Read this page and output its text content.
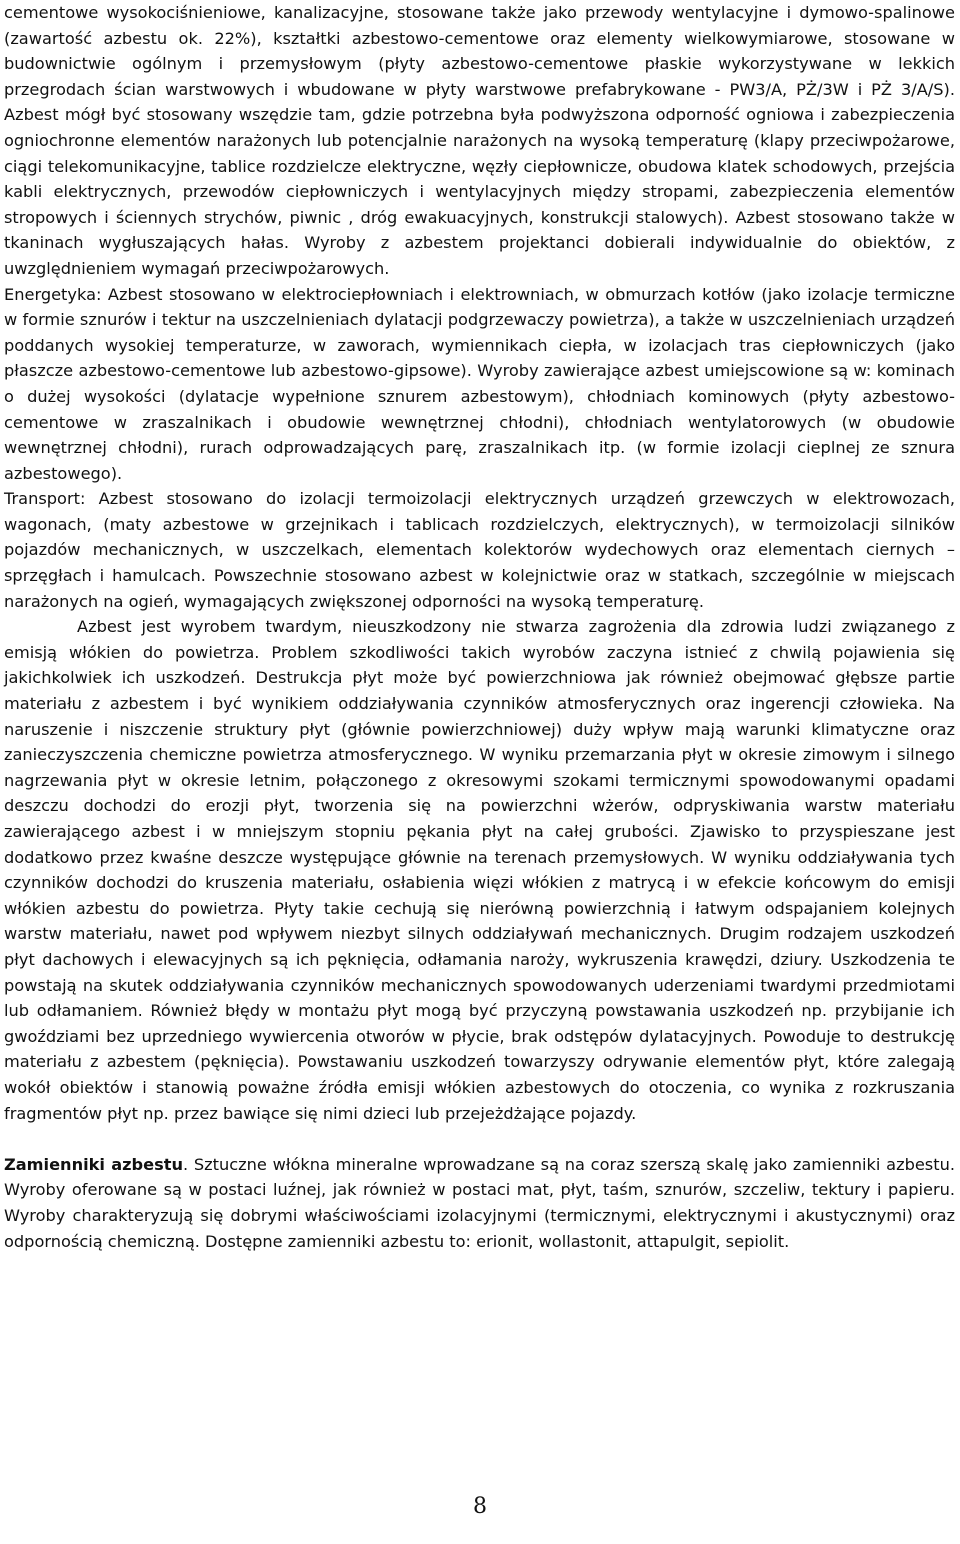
cementowe wysokociśnieniowe, kanalizacyjne, stosowane także jako przewody wentylacyjne i dymowo-spalinowe (zawartość azbestu ok. 22%), kształtki azbestowo-cementowe oraz elementy wielkowymiarowe, stosowane w budownictwie ogólnym i przemysłowym (płyty azbestowo-cementowe płaskie wykorzystywane w lekkich przegrodach ścian warstwowych i wbudowane w płyty warstwowe prefabrykowane - PW3/A, PŻ/3W i PŻ 3/A/S). Azbest mógł być stosowany wszędzie tam, gdzie potrzebna była podwyższona odporność ogniowa i zabezpieczenia ogniochronne elementów narażonych lub potencjalnie narażonych na wysoką temperaturę (klapy przeciwpożarowe, ciągi telekomunikacyjne, tablice rozdzielcze elektryczne, węzły ciepłownicze, obudowa klatek schodowych, przejścia kabli elektrycznych, przewodów ciepłowniczych i wentylacyjnych między stropami, zabezpieczenia elementów stropowych i ściennych strychów, piwnic , dróg ewakuacyjnych, konstrukcji stalowych). Azbest stosowano także w tkaninach wygłuszających hałas. Wyroby z azbestem projektanci dobierali indywidualnie do obiektów, z uwzględnieniem wymagań przeciwpożarowych.

Energetyka: Azbest stosowano w elektrociepłowniach i elektrowniach, w obmurzach kotłów (jako izolacje termiczne w formie sznurów i tektur na uszczelnieniach dylatacji podgrzewaczy powietrza), a także w uszczelnieniach urządzeń poddanych wysokiej temperaturze, w zaworach, wymiennikach ciepła, w izolacjach tras ciepłowniczych (jako płaszcze azbestowo-cementowe lub azbestowo-gipsowe). Wyroby zawierające azbest umiejscowione są w: kominach o dużej wysokości (dylatacje wypełnione sznurem azbestowym), chłodniach kominowych (płyty azbestowo-cementowe w zraszalnikach i obudowie wewnętrznej chłodni), chłodniach wentylatorowych (w obudowie wewnętrznej chłodni), rurach odprowadzających parę, zraszalnikach itp. (w formie izolacji cieplnej ze sznura azbestowego).

Transport: Azbest stosowano do izolacji termoizolacji elektrycznych urządzeń grzewczych w elektrowozach, wagonach, (maty azbestowe w grzejnikach i tablicach rozdzielczych, elektrycznych), w termoizolacji silników pojazdów mechanicznych, w uszczelkach, elementach kolektorów wydechowych oraz elementach ciernych – sprzęgłach i hamulcach. Powszechnie stosowano azbest w kolejnictwie oraz w statkach, szczególnie w miejscach narażonych na ogień, wymagających zwiększonej odporności na wysoką temperaturę.

Azbest jest wyrobem twardym, nieuszkodzony nie stwarza zagrożenia dla zdrowia ludzi związanego z emisją włókien do powietrza. Problem szkodliwości takich wyrobów zaczyna istnieć z chwilą pojawienia się jakichkolwiek ich uszkodzeń. Destrukcja płyt może być powierzchniowa jak również obejmować głębsze partie materiału z azbestem i być wynikiem oddziaływania czynników atmosferycznych oraz ingerencji człowieka. Na naruszenie i niszczenie struktury płyt (głównie powierzchniowej) duży wpływ mają warunki klimatyczne oraz zanieczyszczenia chemiczne powietrza atmosferycznego. W wyniku przemarzania płyt w okresie zimowym i silnego nagrzewania płyt w okresie letnim, połączonego z okresowymi szokami termicznymi spowodowanymi opadami deszczu dochodzi do erozji płyt, tworzenia się na powierzchni wżerów, odpryskiwania warstw materiału zawierającego azbest i w mniejszym stopniu pękania płyt na całej grubości. Zjawisko to przyspieszane jest dodatkowo przez kwaśne deszcze występujące głównie na terenach przemysłowych. W wyniku oddziaływania tych czynników dochodzi do kruszenia materiału, osłabienia więzi włókien z matrycą i w efekcie końcowym do emisji włókien azbestu do powietrza. Płyty takie cechują się nierówną powierzchnią i łatwym odspajaniem kolejnych warstw materiału, nawet pod wpływem niezbyt silnych oddziaływań mechanicznych. Drugim rodzajem uszkodzeń płyt dachowych i elewacyjnych są ich pęknięcia, odłamania naroży, wykruszenia krawędzi, dziury. Uszkodzenia te powstają na skutek oddziaływania czynników mechanicznych spowodowanych uderzeniami twardymi przedmiotami lub odłamaniem. Również błędy w montażu płyt mogą być przyczyną powstawania uszkodzeń np. przybijanie ich gwoździami bez uprzedniego wywiercenia otworów w płycie, brak odstępów dylatacyjnych. Powoduje to destrukcję materiału z azbestem (pęknięcia). Powstawaniu uszkodzeń towarzyszy odrywanie elementów płyt, które zalegają wokół obiektów i stanowią poważne źródła emisji włókien azbestowych do otoczenia, co wynika z rozkruszania fragmentów płyt np. przez bawiące się nimi dzieci lub przejeżdżające pojazdy.

Zamienniki azbestu. Sztuczne włókna mineralne wprowadzane są na coraz szerszą skalę jako zamienniki azbestu. Wyroby oferowane są w postaci luźnej, jak również w postaci mat, płyt, taśm, sznurów, szczeliw, tektury i papieru. Wyroby charakteryzują się dobrymi właściwościami izolacyjnymi (termicznymi, elektrycznymi i akustycznymi) oraz odpornością chemiczną. Dostępne zamienniki azbestu to: erionit, wollastonit, attapulgit, sepiolit.

8
